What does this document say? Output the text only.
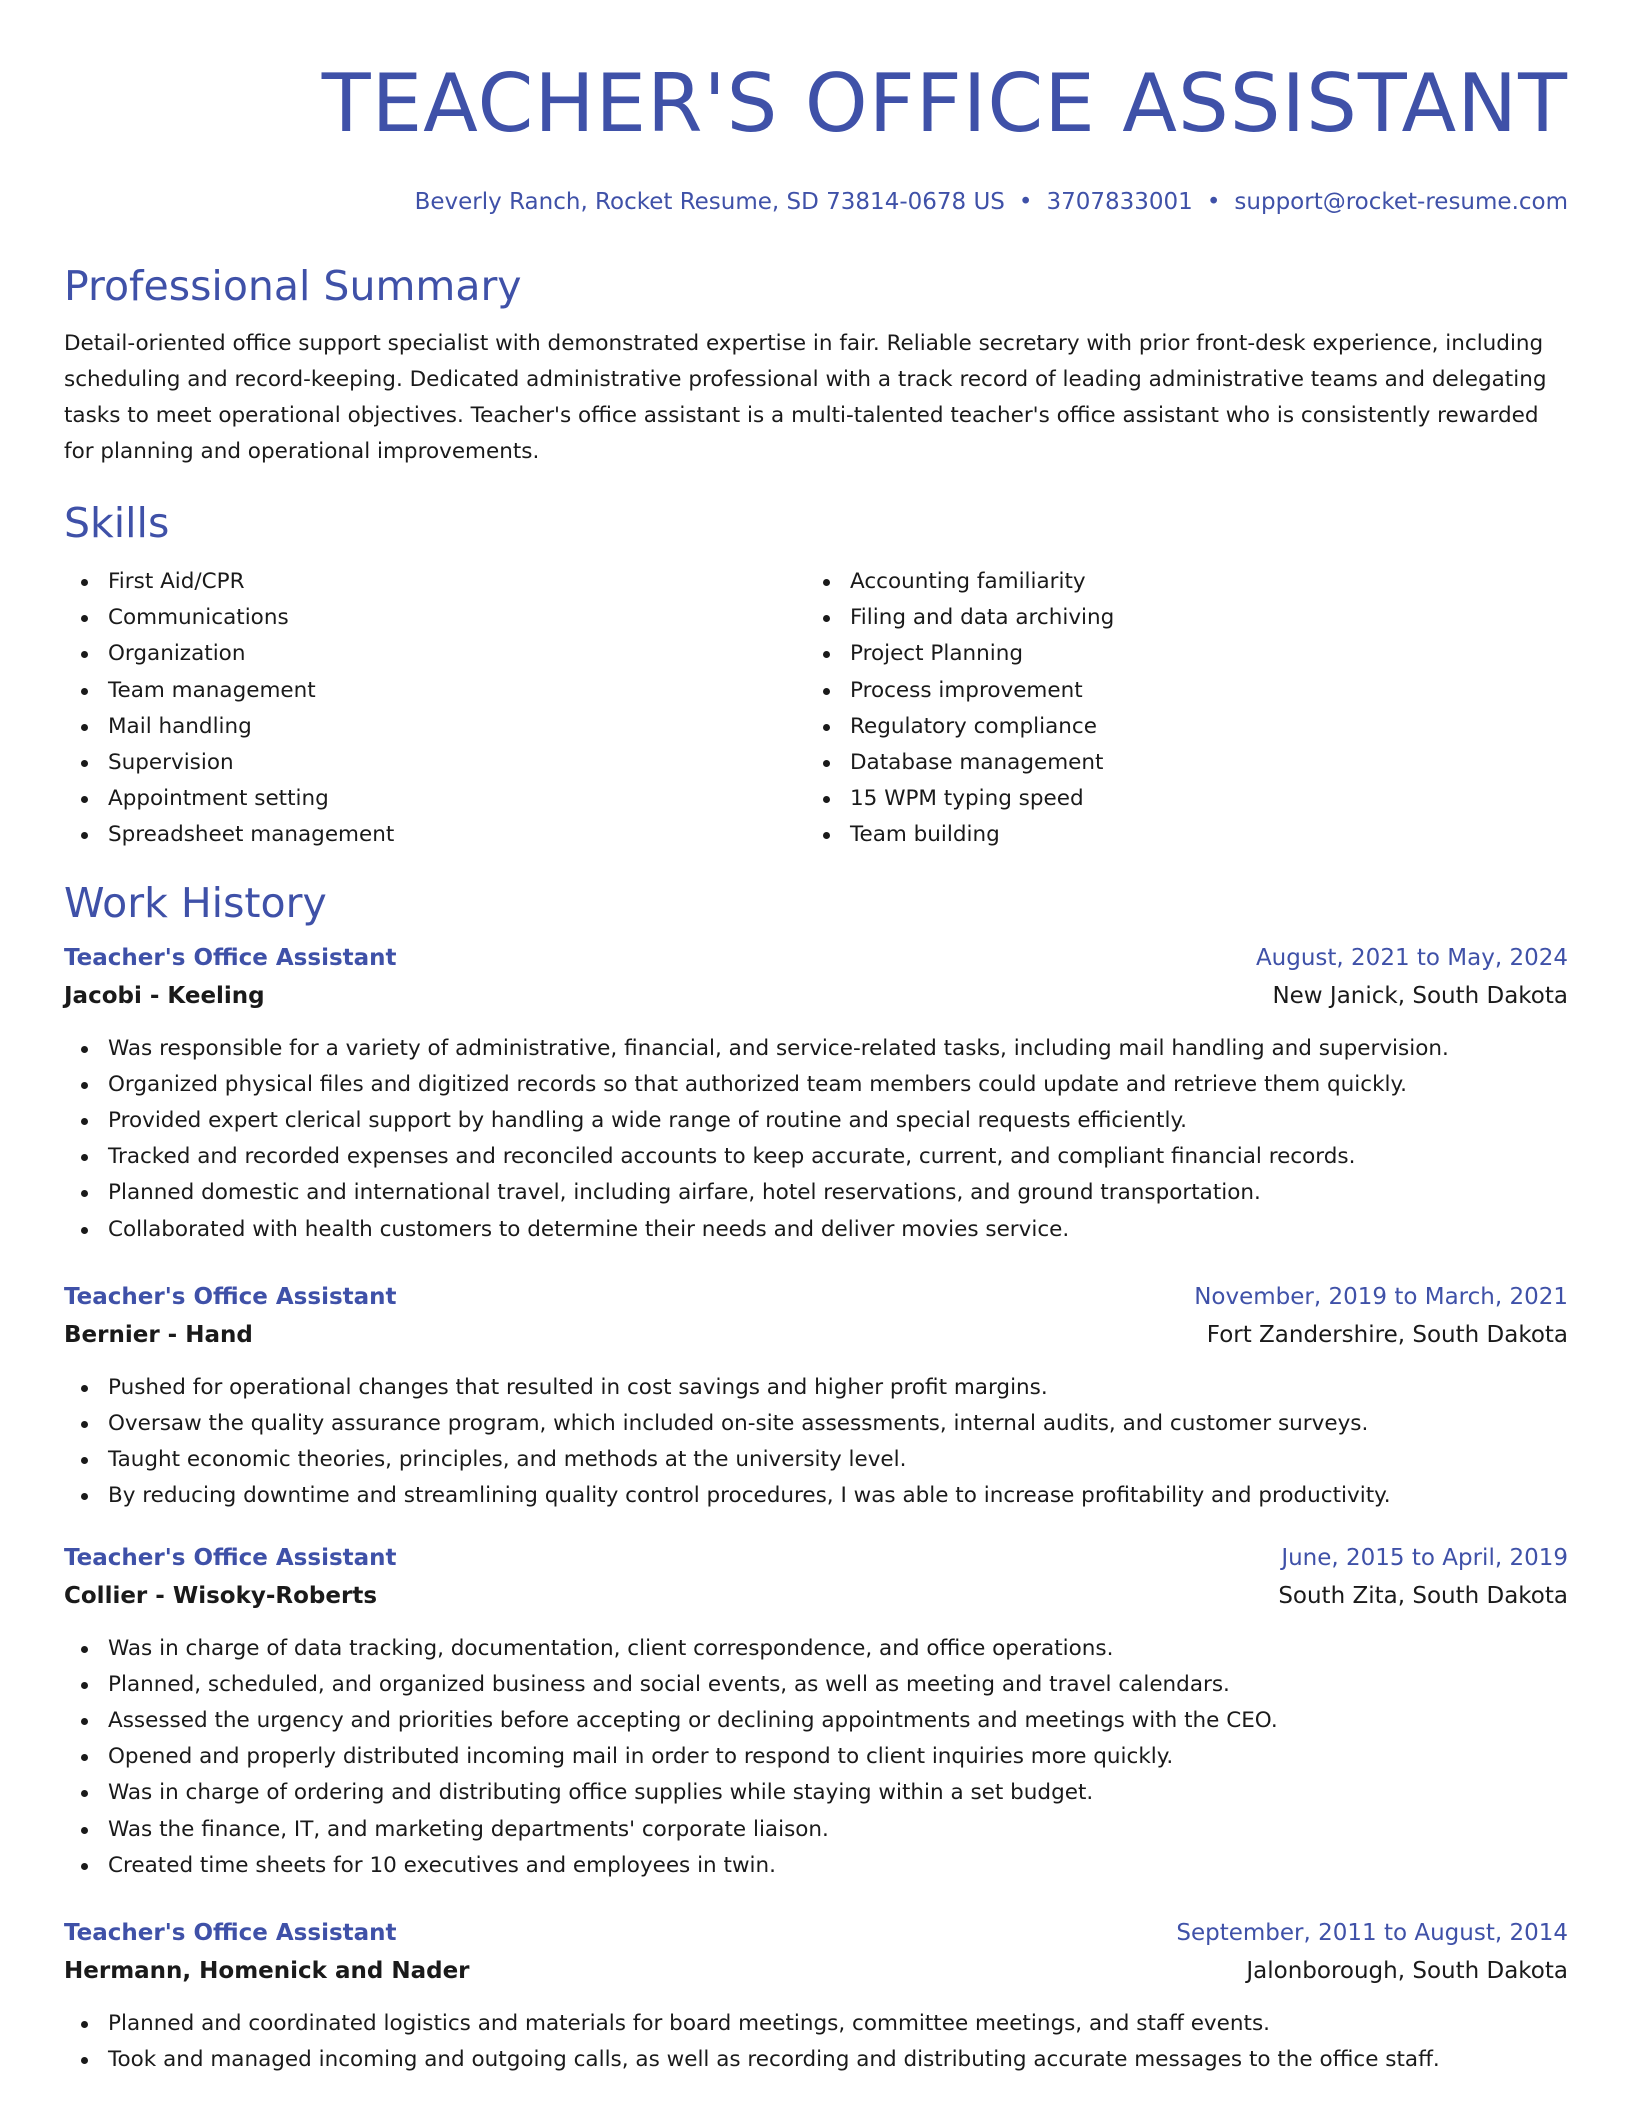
TEACHER'S OFFICE ASSISTANT
Beverly Ranch, Rocket Resume, SD 73814-0678 US • 3707833001 • support@rocket-resume.com
Professional Summary
Detail-oriented office support specialist with demonstrated expertise in fair. Reliable secretary with prior front-desk experience, including scheduling and record-keeping. Dedicated administrative professional with a track record of leading administrative teams and delegating tasks to meet operational objectives. Teacher's office assistant is a multi-talented teacher's office assistant who is consistently rewarded for planning and operational improvements.
Skills
First Aid/CPR
Communications
Organization
Team management
Mail handling
Supervision
Appointment setting
Spreadsheet management
Accounting familiarity
Filing and data archiving
Project Planning
Process improvement
Regulatory compliance
Database management
15 WPM typing speed
Team building
Work History
Teacher's Office Assistant	August, 2021 to May, 2024
Jacobi - Keeling	New Janick, South Dakota
Was responsible for a variety of administrative, financial, and service-related tasks, including mail handling and supervision.
Organized physical files and digitized records so that authorized team members could update and retrieve them quickly.
Provided expert clerical support by handling a wide range of routine and special requests efficiently.
Tracked and recorded expenses and reconciled accounts to keep accurate, current, and compliant financial records.
Planned domestic and international travel, including airfare, hotel reservations, and ground transportation.
Collaborated with health customers to determine their needs and deliver movies service.
Teacher's Office Assistant	November, 2019 to March, 2021
Bernier - Hand	Fort Zandershire, South Dakota
Pushed for operational changes that resulted in cost savings and higher profit margins.
Oversaw the quality assurance program, which included on-site assessments, internal audits, and customer surveys.
Taught economic theories, principles, and methods at the university level.
By reducing downtime and streamlining quality control procedures, I was able to increase profitability and productivity.
Teacher's Office Assistant	June, 2015 to April, 2019
Collier - Wisoky-Roberts	South Zita, South Dakota
Was in charge of data tracking, documentation, client correspondence, and office operations.
Planned, scheduled, and organized business and social events, as well as meeting and travel calendars.
Assessed the urgency and priorities before accepting or declining appointments and meetings with the CEO.
Opened and properly distributed incoming mail in order to respond to client inquiries more quickly.
Was in charge of ordering and distributing office supplies while staying within a set budget.
Was the finance, IT, and marketing departments' corporate liaison.
Created time sheets for 10 executives and employees in twin.
Teacher's Office Assistant	September, 2011 to August, 2014
Hermann, Homenick and Nader	Jalonborough, South Dakota
Planned and coordinated logistics and materials for board meetings, committee meetings, and staff events.
Took and managed incoming and outgoing calls, as well as recording and distributing accurate messages to the office staff.
